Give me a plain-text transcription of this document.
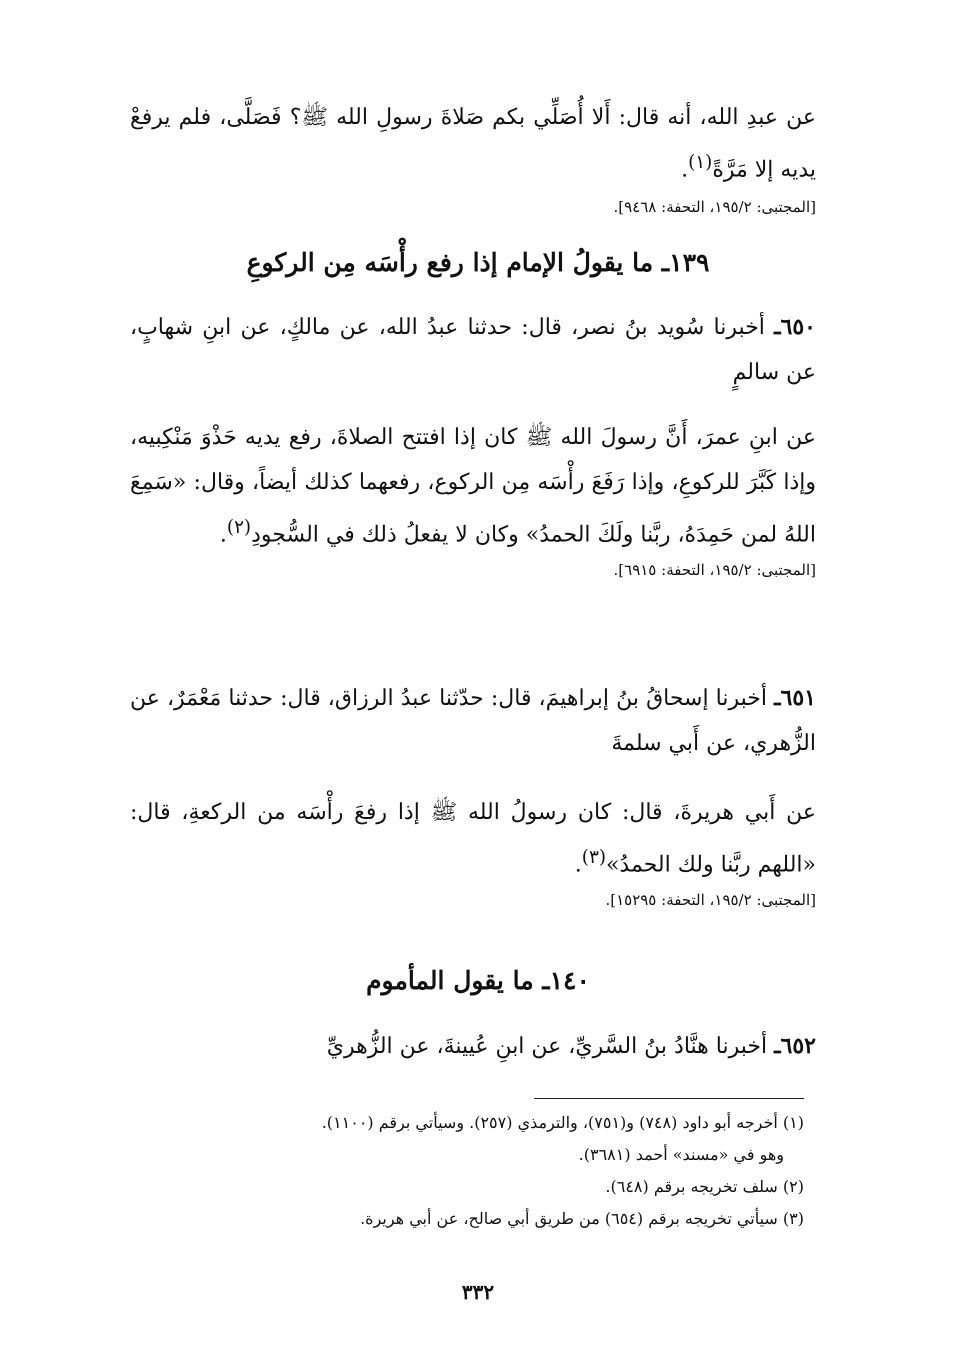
عن عبدِ الله، أنه قال: أَلا أُصَلِّي بكم صَلاةَ رسولِ الله ﷺ؟ فَصَلَّى، فلم يرفعْ يديه إلا مَرَّةً$^{(١)}$.

[المجتبى: ١٩٥/٢، التحفة: ٩٤٦٨].

١٣٩ـ ما يقولُ الإمام إذا رفع رأْسَه مِن الركوعِ

٦٥٠ـ أخبرنا سُويد بنُ نصر، قال: حدثنا عبدُ الله، عن مالكٍ، عن ابنِ شهابٍ، عن سالمٍ

عن ابنِ عمرَ، أَنَّ رسولَ الله ﷺ كان إذا افتتح الصلاةَ، رفع يديه حَذْوَ مَنْكِبيه، وإذا كَبَّرَ للركوعِ، وإذا رَفَعَ رأْسَه مِن الركوع، رفعهما كذلك أيضاً، وقال: «سَمِعَ اللهُ لمن حَمِدَهُ، ربَّنا ولَكَ الحمدُ» وكان لا يفعلُ ذلك في السُّجودِ$^{(٢)}$.

[المجتبى: ١٩٥/٢، التحفة: ٦٩١٥].

٦٥١ـ أخبرنا إسحاقُ بنُ إبراهيمَ، قال: حدّثنا عبدُ الرزاق، قال: حدثنا مَعْمَرٌ، عن الزُّهري، عن أَبي سلمةَ

عن أَبي هريرةَ، قال: كان رسولُ الله ﷺ إذا رفعَ رأْسَه من الركعةِ، قال: «اللهم ربَّنا ولك الحمدُ»$^{(٣)}$.

[المجتبى: ١٩٥/٢، التحفة: ١٥٢٩٥].

١٤٠ـ ما يقول المأموم

٦٥٢ـ أخبرنا هنَّادُ بنُ السَّريِّ، عن ابنِ عُيينةَ، عن الزُّهريِّ

(١) أخرجه أبو داود (٧٤٨) و(٧٥١)، والترمذي (٢٥٧). وسيأتي برقم (١١٠٠).

وهو في «مسند» أحمد (٣٦٨١).

(٢) سلف تخريجه برقم (٦٤٨).

(٣) سيأتي تخريجه برقم (٦٥٤) من طريق أبي صالح، عن أبي هريرة.

٣٣٢
